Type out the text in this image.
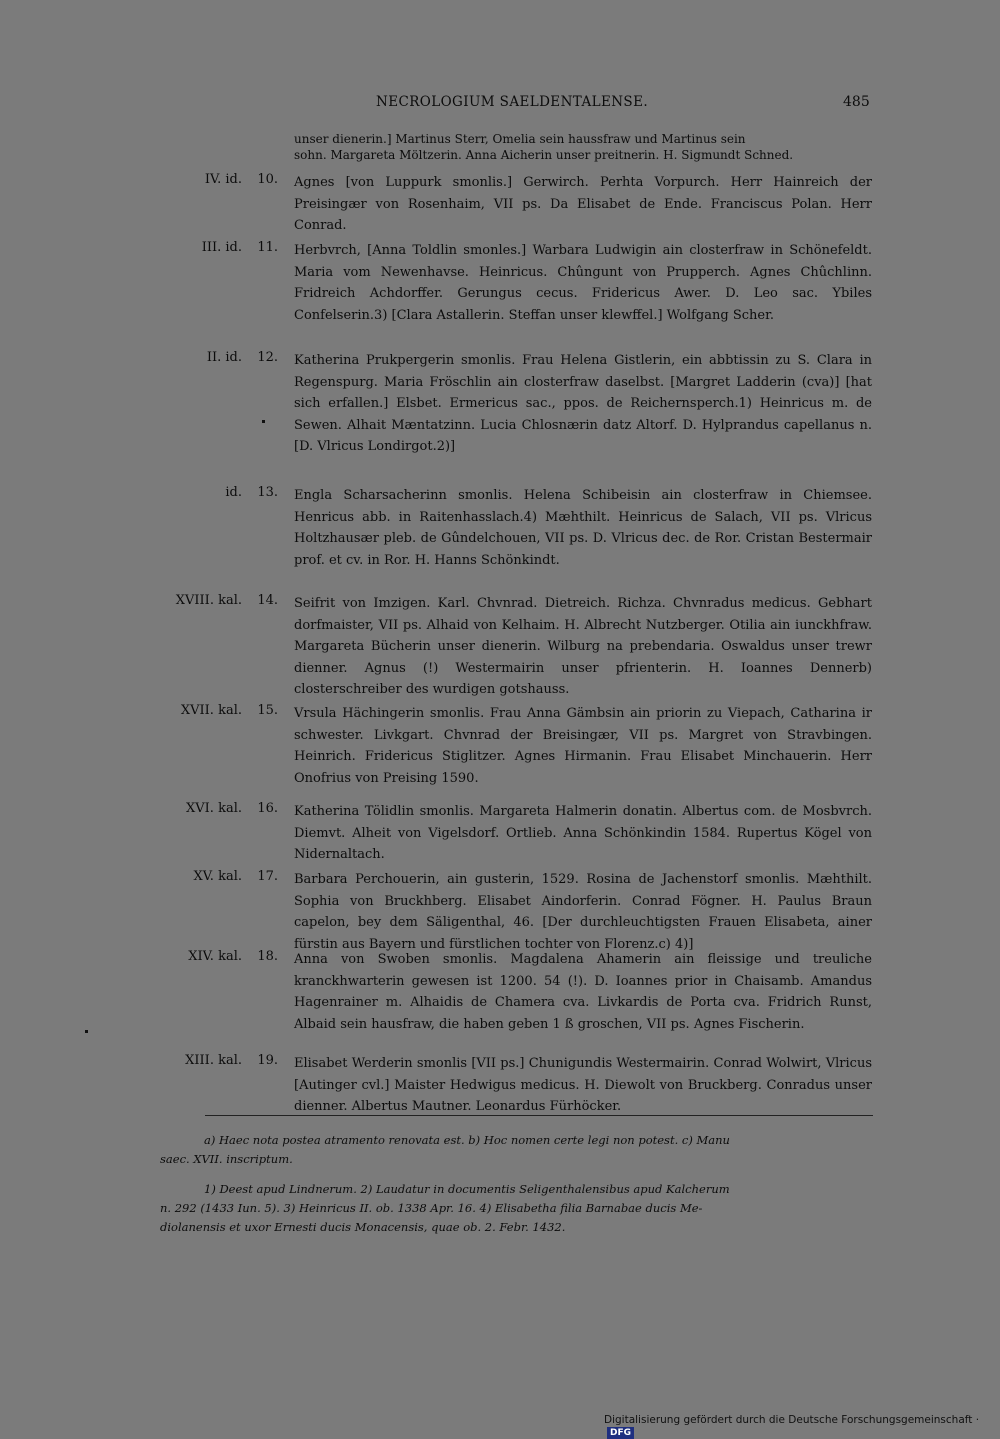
NECROLOGIUM SAELDENTALENSE.	485
unser dienerin.] Martinus Sterr, Omelia sein haussfraw und Martinus sein
sohn. Margareta Möltzerin. Anna Aicherin unser preitnerin. H. Sigmundt Schned.
IV. id.	10. Agnes [von Luppurk smonlis.] Gerwirch. Perhta Vorpurch. Herr Hainreich der Preisingær von Rosenhaim, VII ps. Da Elisabet de Ende. Franciscus Polan. Herr Conrad.
III. id.	11. Herbvrch, [Anna Toldlin smonles.] Warbara Ludwigin ain closterfraw in Schönefeldt. Maria vom Newenhavse. Heinricus. Chûngunt von Prupperch. Agnes Chûchlinn. Fridreich Achdorffer. Gerungus cecus. Fridericus Awer. D. Leo sac. Ybiles Confelserin.3) [Clara Astallerin. Steffan unser klewffel.] Wolfgang Scher.
II. id.	12. Katherina Prukpergerin smonlis. Frau Helena Gistlerin, ein abbtissin zu S. Clara in Regenspurg. Maria Fröschlin ain closterfraw daselbst. [Margret Ladderin (cva)] [hat sich erfallen.] Elsbet. Ermericus sac., ppos. de Reichernsperch.1) Heinricus m. de Sewen. Alhait Mæntatzinn. Lucia Chlosnærin datz Altorf. D. Hylprandus capellanus n. [D. Vlricus Londirgot.2)]
id.	13. Engla Scharsacherinn smonlis. Helena Schibeisin ain closterfraw in Chiemsee. Henricus abb. in Raitenhasslach.4) Mæhthilt. Heinricus de Salach, VII ps. Vlricus Holtzhausær pleb. de Gûndelchouen, VII ps. D. Vlricus dec. de Ror. Cristan Bestermair prof. et cv. in Ror. H. Hanns Schönkindt.
XVIII. kal.	14. Seifrit von Imzigen. Karl. Chvnrad. Dietreich. Richza. Chvnradus medicus. Gebhart dorfmaister, VII ps. Alhaid von Kelhaim. H. Albrecht Nutzberger. Otilia ain iunckhfraw. Margareta Bücherin unser dienerin. Wilburg na prebendaria. Oswaldus unser trewr dienner. Agnus (!) Westermairin unser pfrienterin. H. Ioannes Dennerb) closterschreiber des wurdigen gotshauss.
XVII. kal.	15. Vrsula Hächingerin smonlis. Frau Anna Gämbsin ain priorin zu Viepach, Catharina ir schwester. Livkgart. Chvnrad der Breisingær, VII ps. Margret von Stravbingen. Heinrich. Fridericus Stiglitzer. Agnes Hirmanin. Frau Elisabet Minchauerin. Herr Onofrius von Preising 1590.
XVI. kal.	16. Katherina Tölidlin smonlis. Margareta Halmerin donatin. Albertus com. de Mosbvrch. Diemvt. Alheit von Vigelsdorf. Ortlieb. Anna Schönkindin 1584. Rupertus Kögel von Nidernaltach.
XV. kal.	17. Barbara Perchouerin, ain gusterin, 1529. Rosina de Jachenstorf smonlis. Mæhthilt. Sophia von Bruckhberg. Elisabet Aindorferin. Conrad Fögner. H. Paulus Braun capelon, bey dem Säligenthal, 46. [Der durchleuchtigsten Frauen Elisabeta, ainer fürstin aus Bayern und fürstlichen tochter von Florenz.c) 4)]
XIV. kal.	18. Anna von Swoben smonlis. Magdalena Ahamerin ain fleissige und treuliche kranckhwarterin gewesen ist 1200. 54 (!). D. Ioannes prior in Chaisamb. Amandus Hagenrainer m. Alhaidis de Chamera cva. Livkardis de Porta cva. Fridrich Runst, Albaid sein hausfraw, die haben geben 1 ß groschen, VII ps. Agnes Fischerin.
XIII. kal.	19. Elisabet Werderin smonlis [VII ps.] Chunigundis Westermairin. Conrad Wolwirt, Vlricus [Autinger cvl.] Maister Hedwigus medicus. H. Diewolt von Bruckberg. Conradus unser dienner. Albertus Mautner. Leonardus Fürhöcker.
a) Haec nota postea atramento renovata est. b) Hoc nomen certe legi non potest. c) Manu
saec. XVII. inscriptum.
1) Deest apud Lindnerum. 2) Laudatur in documentis Seligenthalensibus apud Kalcherum
n. 292 (1433 Iun. 5). 3) Heinricus II. ob. 1338 Apr. 16. 4) Elisabetha filia Barnabae ducis Me-
diolanensis et uxor Ernesti ducis Monacensis, quae ob. 2. Febr. 1432.
Digitalisierung gefördert durch die Deutsche Forschungsgemeinschaft · DFG
